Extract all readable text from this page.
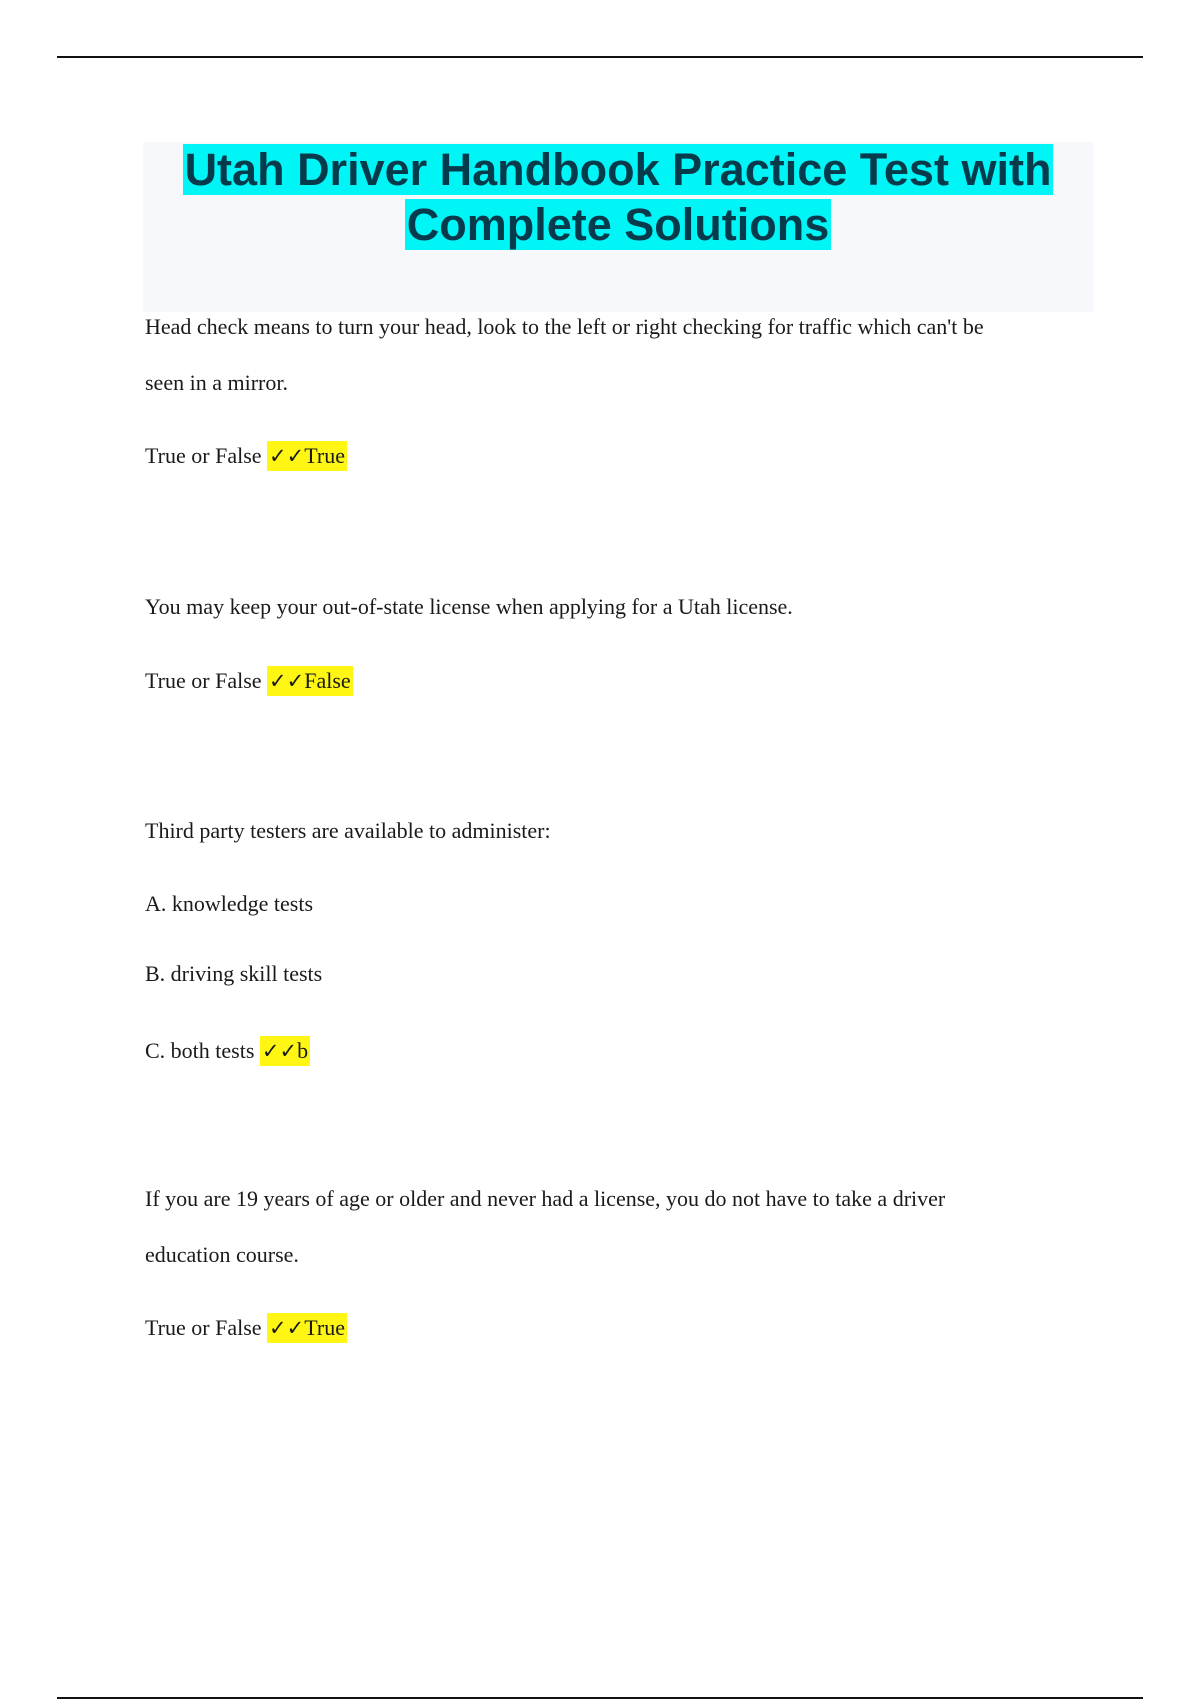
Utah Driver Handbook Practice Test with
Complete Solutions

Head check means to turn your head, look to the left or right checking for traffic which can't be

seen in a mirror.

True or False ✓✓True

You may keep your out-of-state license when applying for a Utah license.

True or False ✓✓False

Third party testers are available to administer:

A. knowledge tests

B. driving skill tests

C. both tests ✓✓b

If you are 19 years of age or older and never had a license, you do not have to take a driver

education course.

True or False ✓✓True
